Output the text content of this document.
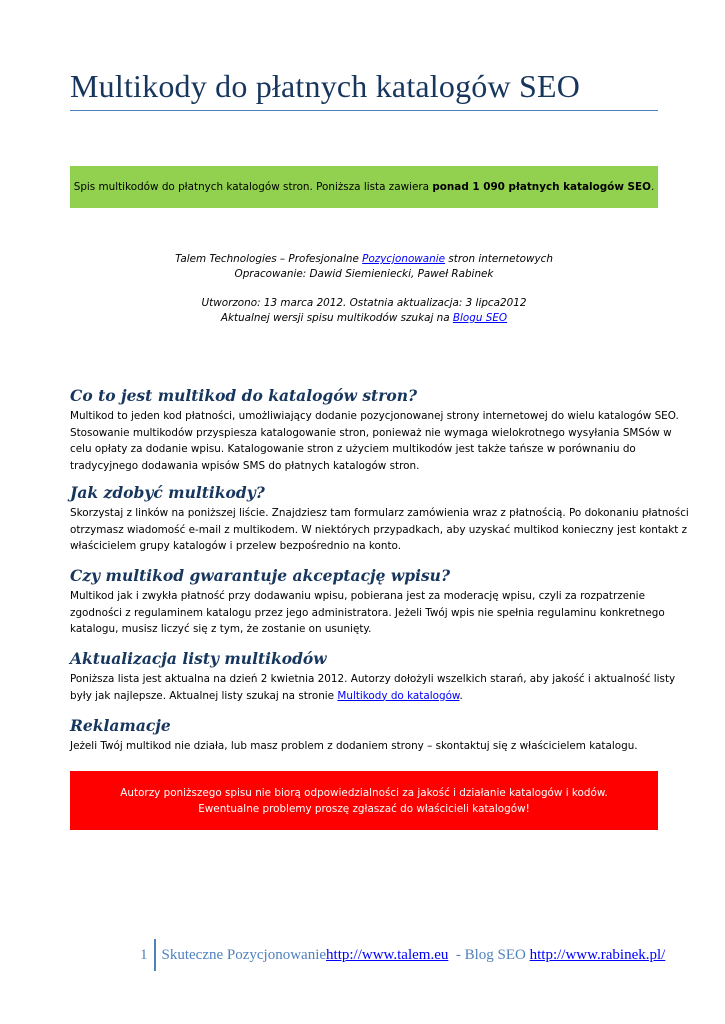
Multikody do płatnych katalogów SEO
Spis multikodów do płatnych katalogów stron. Poniższa lista zawiera ponad 1 090 płatnych katalogów SEO.
Talem Technologies – Profesjonalne Pozycjonowanie stron internetowych
Opracowanie: Dawid Siemieniecki, Paweł Rabinek
Utworzono: 13 marca 2012. Ostatnia aktualizacja: 3 lipca2012
Aktualnej wersji spisu multikodów szukaj na Blogu SEO
Co to jest multikod do katalogów stron?
Multikod to jeden kod płatności, umożliwiający dodanie pozycjonowanej strony internetowej do wielu katalogów SEO.
Stosowanie multikodów przyspiesza katalogowanie stron, ponieważ nie wymaga wielokrotnego wysyłania SMSów w
celu opłaty za dodanie wpisu. Katalogowanie stron z użyciem multikodów jest także tańsze w porównaniu do
tradycyjnego dodawania wpisów SMS do płatnych katalogów stron.
Jak zdobyć multikody?
Skorzystaj z linków na poniższej liście. Znajdziesz tam formularz zamówienia wraz z płatnością. Po dokonaniu płatności
otrzymasz wiadomość e-mail z multikodem. W niektórych przypadkach, aby uzyskać multikod konieczny jest kontakt z
właścicielem grupy katalogów i przelew bezpośrednio na konto.
Czy multikod gwarantuje akceptację wpisu?
Multikod jak i zwykła płatność przy dodawaniu wpisu, pobierana jest za moderację wpisu, czyli za rozpatrzenie
zgodności z regulaminem katalogu przez jego administratora. Jeżeli Twój wpis nie spełnia regulaminu konkretnego
katalogu, musisz liczyć się z tym, że zostanie on usunięty.
Aktualizacja listy multikodów
Poniższa lista jest aktualna na dzień 2 kwietnia 2012. Autorzy dołożyli wszelkich starań, aby jakość i aktualność listy
były jak najlepsze. Aktualnej listy szukaj na stronie Multikody do katalogów.
Reklamacje
Jeżeli Twój multikod nie działa, lub masz problem z dodaniem strony – skontaktuj się z właścicielem katalogu.
Autorzy poniższego spisu nie biorą odpowiedzialności za jakość i działanie katalogów i kodów.
Ewentualne problemy proszę zgłaszać do właścicieli katalogów!
1 Skuteczne Pozycjonowanie http://www.talem.eu - Blog SEO http://www.rabinek.pl/
